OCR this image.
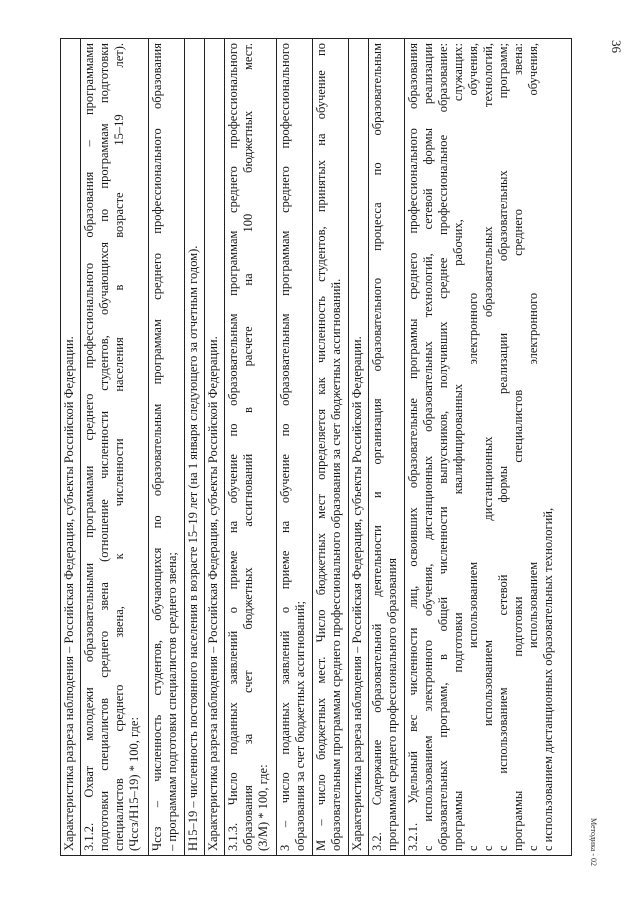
36
Методика - 02
Характеристика разреза наблюдения – Российская Федерация, субъекты Российской Федерации.

3.1.2. Охват молодежи образовательными программами среднего профессионального образования – программами подготовки специалистов среднего звена (отношение численности студентов, обучающихся по программам подготовки специалистов среднего звена, к численности населения в возрасте 15–19 лет). (Чссз/Н15–19) * 100, где:

Чссз – численность студентов, обучающихся по образовательным программам среднего профессионального образования – программам подготовки специалистов среднего звена;

Н15–19 – численность постоянного населения в возрасте 15–19 лет (на 1 января следующего за отчетным годом).

Характеристика разреза наблюдения – Российская Федерация, субъекты Российской Федерации.

3.1.3. Число поданных заявлений о приеме на обучение по образовательным программам среднего профессионального образования за счет бюджетных ассигнований в расчете на 100 бюджетных мест. (З/М) * 100, где:

З – число поданных заявлений о приеме на обучение по образовательным программам среднего профессионального образования за счет бюджетных ассигнований;

М – число бюджетных мест. Число бюджетных мест определяется как численность студентов, принятых на обучение по образовательным программам среднего профессионального образования за счет бюджетных ассигнований.

Характеристика разреза наблюдения – Российская Федерация, субъекты Российской Федерации.

3.2. Содержание образовательной деятельности и организация образовательного процесса по образовательным программам среднего профессионального образования

3.2.1. Удельный вес численности лиц, освоивших образовательные программы среднего профессионального образования с использованием электронного обучения, дистанционных образовательных технологий, сетевой формы реализации образовательных программ, в общей численности выпускников, получивших среднее профессиональное образование: программы подготовки квалифицированных рабочих, служащих: с использованием электронного обучения, с использованием дистанционных образовательных технологий, с использованием сетевой формы реализации образовательных программ; программы подготовки специалистов среднего звена: с использованием электронного обучения, с использованием дистанционных образовательных технологий,
